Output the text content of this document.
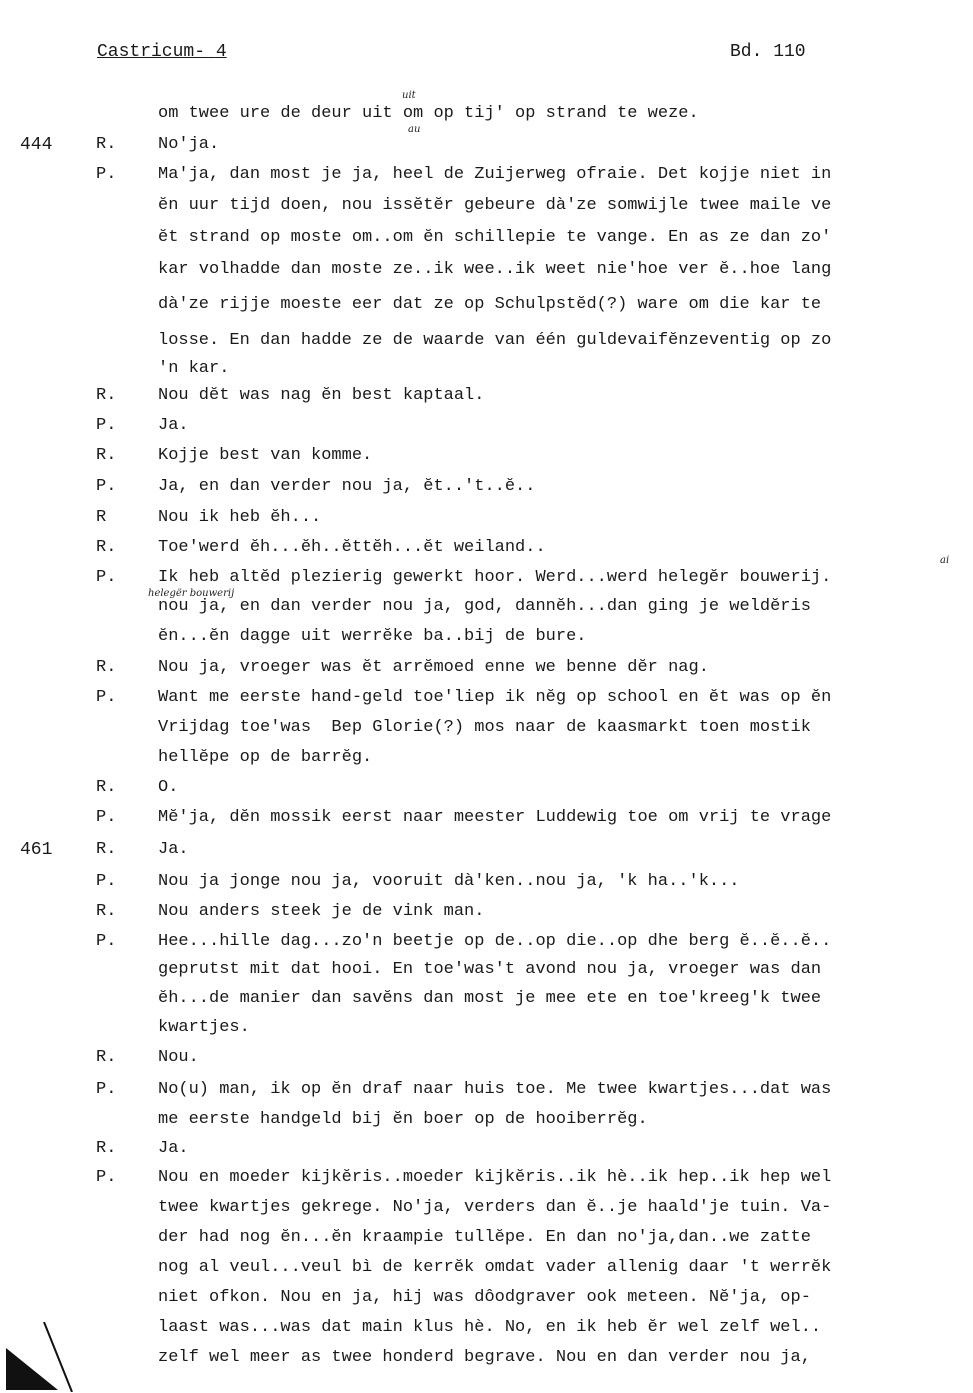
Castricum- 4	Bd. 110
444
461
uit
au
ai
helegër bouwerij
om twee ure de deur uit om op tij' op strand te weze.
R. No'ja.
P. Ma'ja, dan most je ja, heel de Zuijerweg ofraie. Det kojje niet in
ĕn uur tijd doen, nou issĕtĕr gebeure dà'ze somwijle twee maile ve
ĕt strand op moste om..om ĕn schillepie te vange. En as ze dan zo'
kar volhadde dan moste ze..ik wee..ik weet nie'hoe ver ĕ..hoe lang
dà'ze rijje moeste eer dat ze op Schulpstĕd(?) ware om die kar te
losse. En dan hadde ze de waarde van één guldevaifĕnzeventig op zo
'n kar.
R. Nou dĕt was nag ĕn best kaptaal.
P. Ja.
R. Kojje best van komme.
P. Ja, en dan verder nou ja, ĕt..'t..ĕ..
R	Nou ik heb ĕh...
R. Toe'werd ĕh...ĕh..ĕttĕh...ĕt weiland..
P. Ik heb altĕd plezierig gewerkt hoor. Werd...werd helegĕr bouwerij.
nou ja, en dan verder nou ja, god, dannĕh...dan ging je weldĕris
ĕn...ĕn dagge uit werrĕke ba..bij de bure.
R. Nou ja, vroeger was ĕt arrĕmoed enne we benne dĕr nag.
P. Want me eerste hand-geld toe'liep ik nĕg op school en ĕt was op ĕn
Vrijdag toe'was  Bep Glorie(?) mos naar de kaasmarkt toen mostik
hellĕpe op de barrĕg.
R. O.
P. Mĕ'ja, dĕn mossik eerst naar meester Luddewig toe om vrij te vrage
R. Ja.
P. Nou ja jonge nou ja, vooruit dà'ken..nou ja, 'k ha..'k...
R. Nou anders steek je de vink man.
P. Hee...hille dag...zo'n beetje op de..op die..op dhe berg ĕ..ĕ..ĕ..
geprutst mit dat hooi. En toe'was't avond nou ja, vroeger was dan
ĕh...de manier dan savĕns dan most je mee ete en toe'kreeg'k twee
kwartjes.
R. Nou.
P. No(u) man, ik op ĕn draf naar huis toe. Me twee kwartjes...dat was
me eerste handgeld bij ĕn boer op de hooiberrĕg.
R. Ja.
P. Nou en moeder kijkĕris..moeder kijkĕris..ik hè..ik hep..ik hep wel
twee kwartjes gekrege. No'ja, verders dan ĕ..je haald'je tuin. Va-
der had nog ĕn...ĕn kraampie tullĕpe. En dan no'ja,dan..we zatte
nog al veul...veul bì de kerrĕk omdat vader allenig daar 't werrĕk
niet ofkon. Nou en ja, hij was dôodgraver ook meteen. Nĕ'ja, op-
laast was...was dat main klus hè. No, en ik heb ĕr wel zelf wel..
zelf wel meer as twee honderd begrave. Nou en dan verder nou ja,
